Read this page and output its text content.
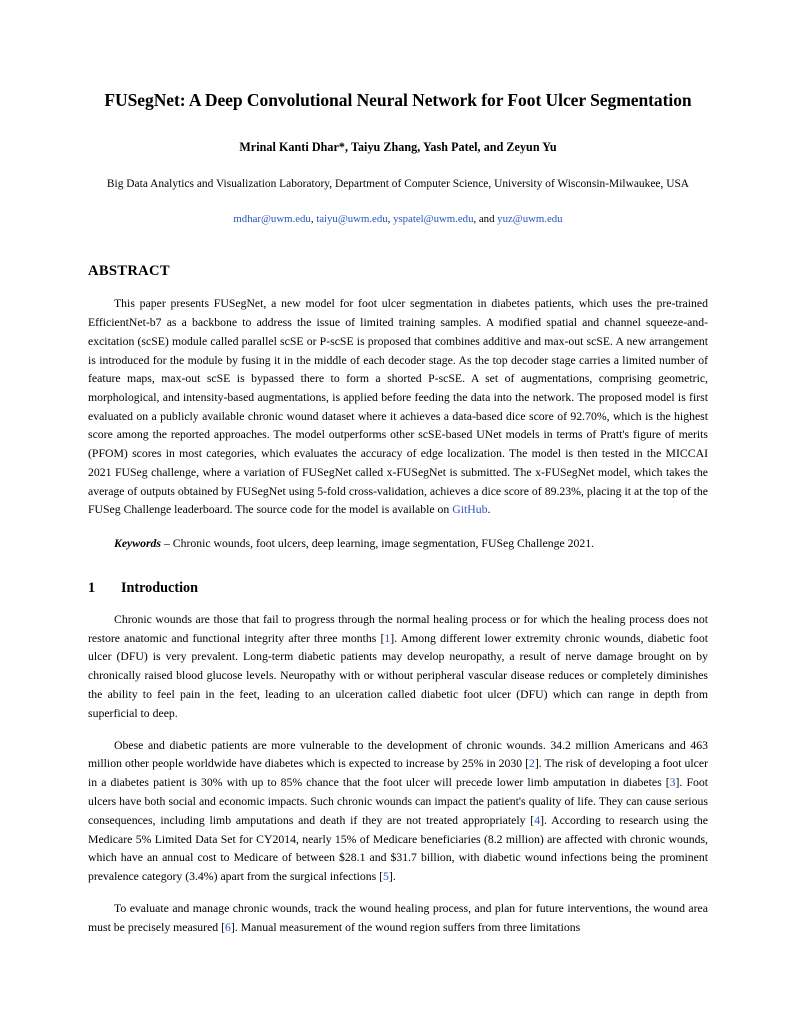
FUSegNet: A Deep Convolutional Neural Network for Foot Ulcer Segmentation
Mrinal Kanti Dhar*, Taiyu Zhang, Yash Patel, and Zeyun Yu
Big Data Analytics and Visualization Laboratory, Department of Computer Science, University of Wisconsin-Milwaukee, USA
mdhar@uwm.edu, taiyu@uwm.edu, yspatel@uwm.edu, and yuz@uwm.edu
ABSTRACT

This paper presents FUSegNet, a new model for foot ulcer segmentation in diabetes patients, which uses the pre-trained EfficientNet-b7 as a backbone to address the issue of limited training samples. A modified spatial and channel squeeze-and-excitation (scSE) module called parallel scSE or P-scSE is proposed that combines additive and max-out scSE. A new arrangement is introduced for the module by fusing it in the middle of each decoder stage. As the top decoder stage carries a limited number of feature maps, max-out scSE is bypassed there to form a shorted P-scSE. A set of augmentations, comprising geometric, morphological, and intensity-based augmentations, is applied before feeding the data into the network. The proposed model is first evaluated on a publicly available chronic wound dataset where it achieves a data-based dice score of 92.70%, which is the highest score among the reported approaches. The model outperforms other scSE-based UNet models in terms of Pratt's figure of merits (PFOM) scores in most categories, which evaluates the accuracy of edge localization. The model is then tested in the MICCAI 2021 FUSeg challenge, where a variation of FUSegNet called x-FUSegNet is submitted. The x-FUSegNet model, which takes the average of outputs obtained by FUSegNet using 5-fold cross-validation, achieves a dice score of 89.23%, placing it at the top of the FUSeg Challenge leaderboard. The source code for the model is available on GitHub.

Keywords – Chronic wounds, foot ulcers, deep learning, image segmentation, FUSeg Challenge 2021.

1	Introduction

Chronic wounds are those that fail to progress through the normal healing process or for which the healing process does not restore anatomic and functional integrity after three months [1]. Among different lower extremity chronic wounds, diabetic foot ulcer (DFU) is very prevalent. Long-term diabetic patients may develop neuropathy, a result of nerve damage brought on by chronically raised blood glucose levels. Neuropathy with or without peripheral vascular disease reduces or completely diminishes the ability to feel pain in the feet, leading to an ulceration called diabetic foot ulcer (DFU) which can range in depth from superficial to deep.

Obese and diabetic patients are more vulnerable to the development of chronic wounds. 34.2 million Americans and 463 million other people worldwide have diabetes which is expected to increase by 25% in 2030 [2]. The risk of developing a foot ulcer in a diabetes patient is 30% with up to 85% chance that the foot ulcer will precede lower limb amputation in diabetes [3]. Foot ulcers have both social and economic impacts. Such chronic wounds can impact the patient's quality of life. They can cause serious consequences, including limb amputations and death if they are not treated appropriately [4]. According to research using the Medicare 5% Limited Data Set for CY2014, nearly 15% of Medicare beneficiaries (8.2 million) are affected with chronic wounds, which have an annual cost to Medicare of between $28.1 and $31.7 billion, with diabetic wound infections being the prominent prevalence category (3.4%) apart from the surgical infections [5].

To evaluate and manage chronic wounds, track the wound healing process, and plan for future interventions, the wound area must be precisely measured [6]. Manual measurement of the wound region suffers from three limitations
